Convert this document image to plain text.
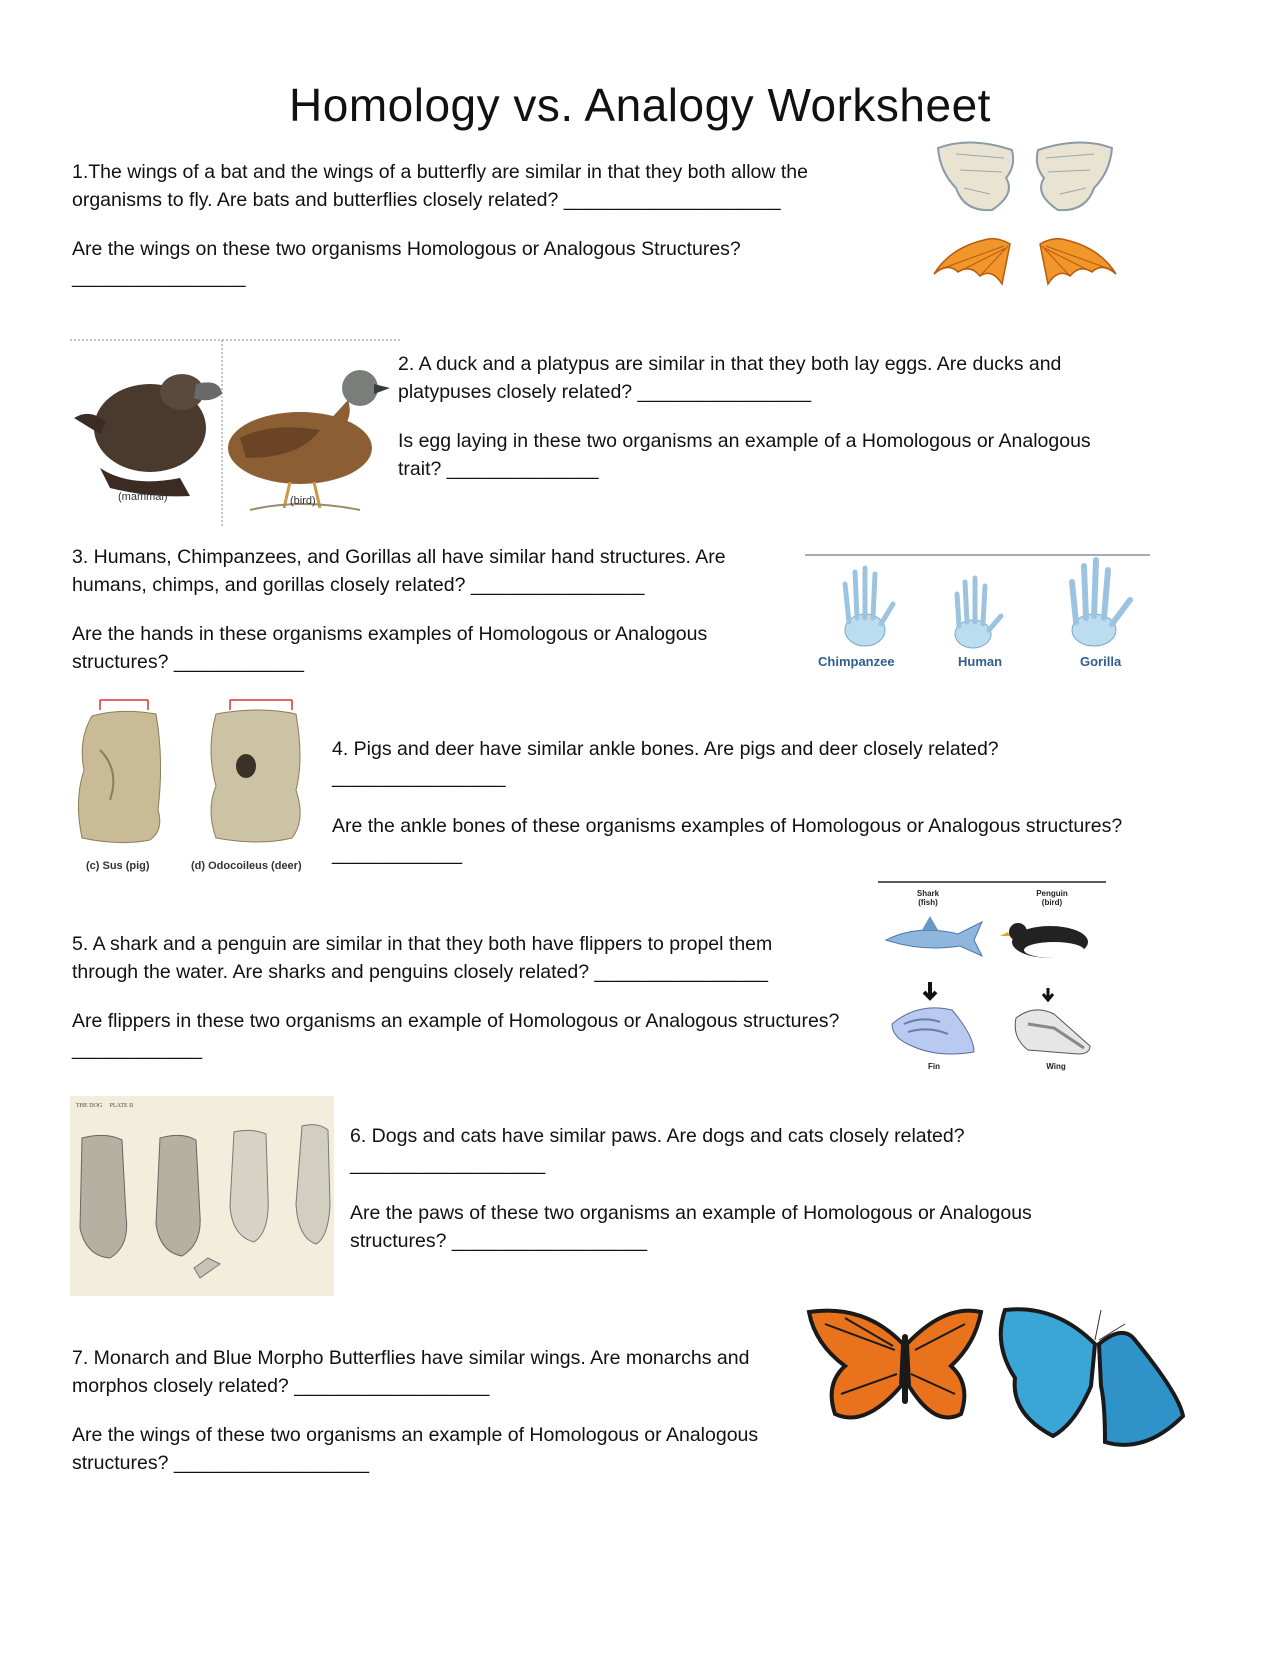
Homology vs. Analogy Worksheet

1.The wings of a bat and the wings of a butterfly are similar in that they both allow the

organisms to fly. Are bats and butterflies closely related? ____________________

Are the wings on these two organisms Homologous or Analogous Structures?

________________

(mammal)	(bird)

2. A duck and a platypus are similar in that they both lay eggs. Are ducks and

platypuses closely related? ________________

Is egg laying in these two organisms an example of a Homologous or Analogous

trait? ______________

3. Humans, Chimpanzees, and Gorillas all have similar hand structures. Are

humans, chimps, and gorillas closely related? ________________

Are the hands in these organisms examples of Homologous or Analogous

structures? ____________	Chimpanzee	Human	Gorilla
(c) Sus (pig)	(d) Odocoileus (deer)

4. Pigs and deer have similar ankle bones. Are pigs and deer closely related?

________________

Are the ankle bones of these organisms examples of Homologous or Analogous structures?

____________

5. A shark and a penguin are similar in that they both have flippers to propel them

through the water. Are sharks and penguins closely related? ________________

Are flippers in these two organisms an example of Homologous or Analogous structures?

____________

Shark
(fish)
Penguin
(bird)
Fin	Wing
THE DOG PLATE II

6. Dogs and cats have similar paws. Are dogs and cats closely related?

__________________

Are the paws of these two organisms an example of Homologous or Analogous

structures? __________________

7. Monarch and Blue Morpho Butterflies have similar wings. Are monarchs and

morphos closely related? __________________

Are the wings of these two organisms an example of Homologous or Analogous

structures? __________________
